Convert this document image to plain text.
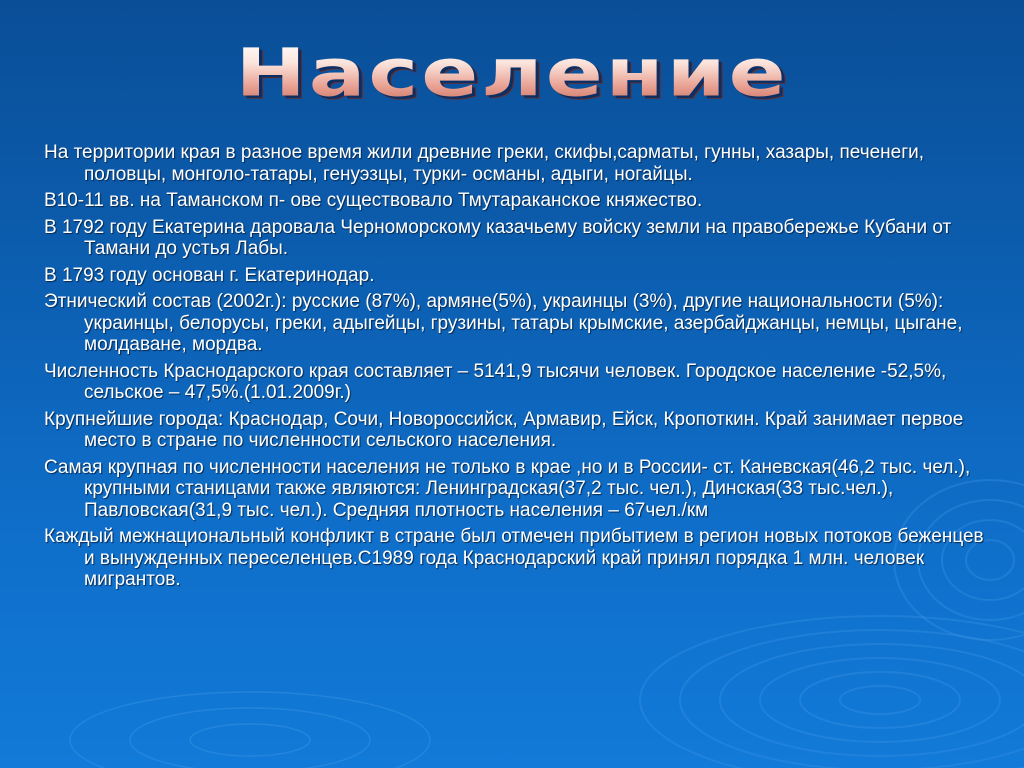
Население

На территории края в разное время жили древние греки, скифы,сарматы, гунны, хазары, печенеги, половцы, монголо-татары, генуэзцы, турки- османы, адыги, ногайцы.

В10-11 вв. на Таманском п- ове существовало Тмутараканское княжество.

В 1792 году Екатерина даровала Черноморскому казачьему войску земли на правобережье Кубани от Тамани до устья Лабы.

В 1793 году основан г. Екатеринодар.

Этнический состав (2002г.): русские (87%), армяне(5%), украинцы (3%), другие национальности (5%): украинцы, белорусы, греки, адыгейцы, грузины, татары крымские, азербайджанцы, немцы, цыгане, молдаване, мордва.

Численность Краснодарского края составляет – 5141,9 тысячи человек. Городское население -52,5%, сельское – 47,5%.(1.01.2009г.)

Крупнейшие города: Краснодар, Сочи, Новороссийск, Армавир, Ейск, Кропоткин. Край занимает первое место в стране по численности сельского населения.

Самая крупная по численности населения не только в крае ,но и в России- ст. Каневская(46,2 тыс. чел.), крупными станицами также являются: Ленинградская(37,2 тыс. чел.), Динская(33 тыс.чел.), Павловская(31,9 тыс. чел.). Средняя плотность населения – 67чел./км

Каждый межнациональный конфликт в стране был отмечен прибытием в регион новых потоков беженцев и вынужденных переселенцев.С1989 года Краснодарский край принял порядка 1 млн. человек мигрантов.
